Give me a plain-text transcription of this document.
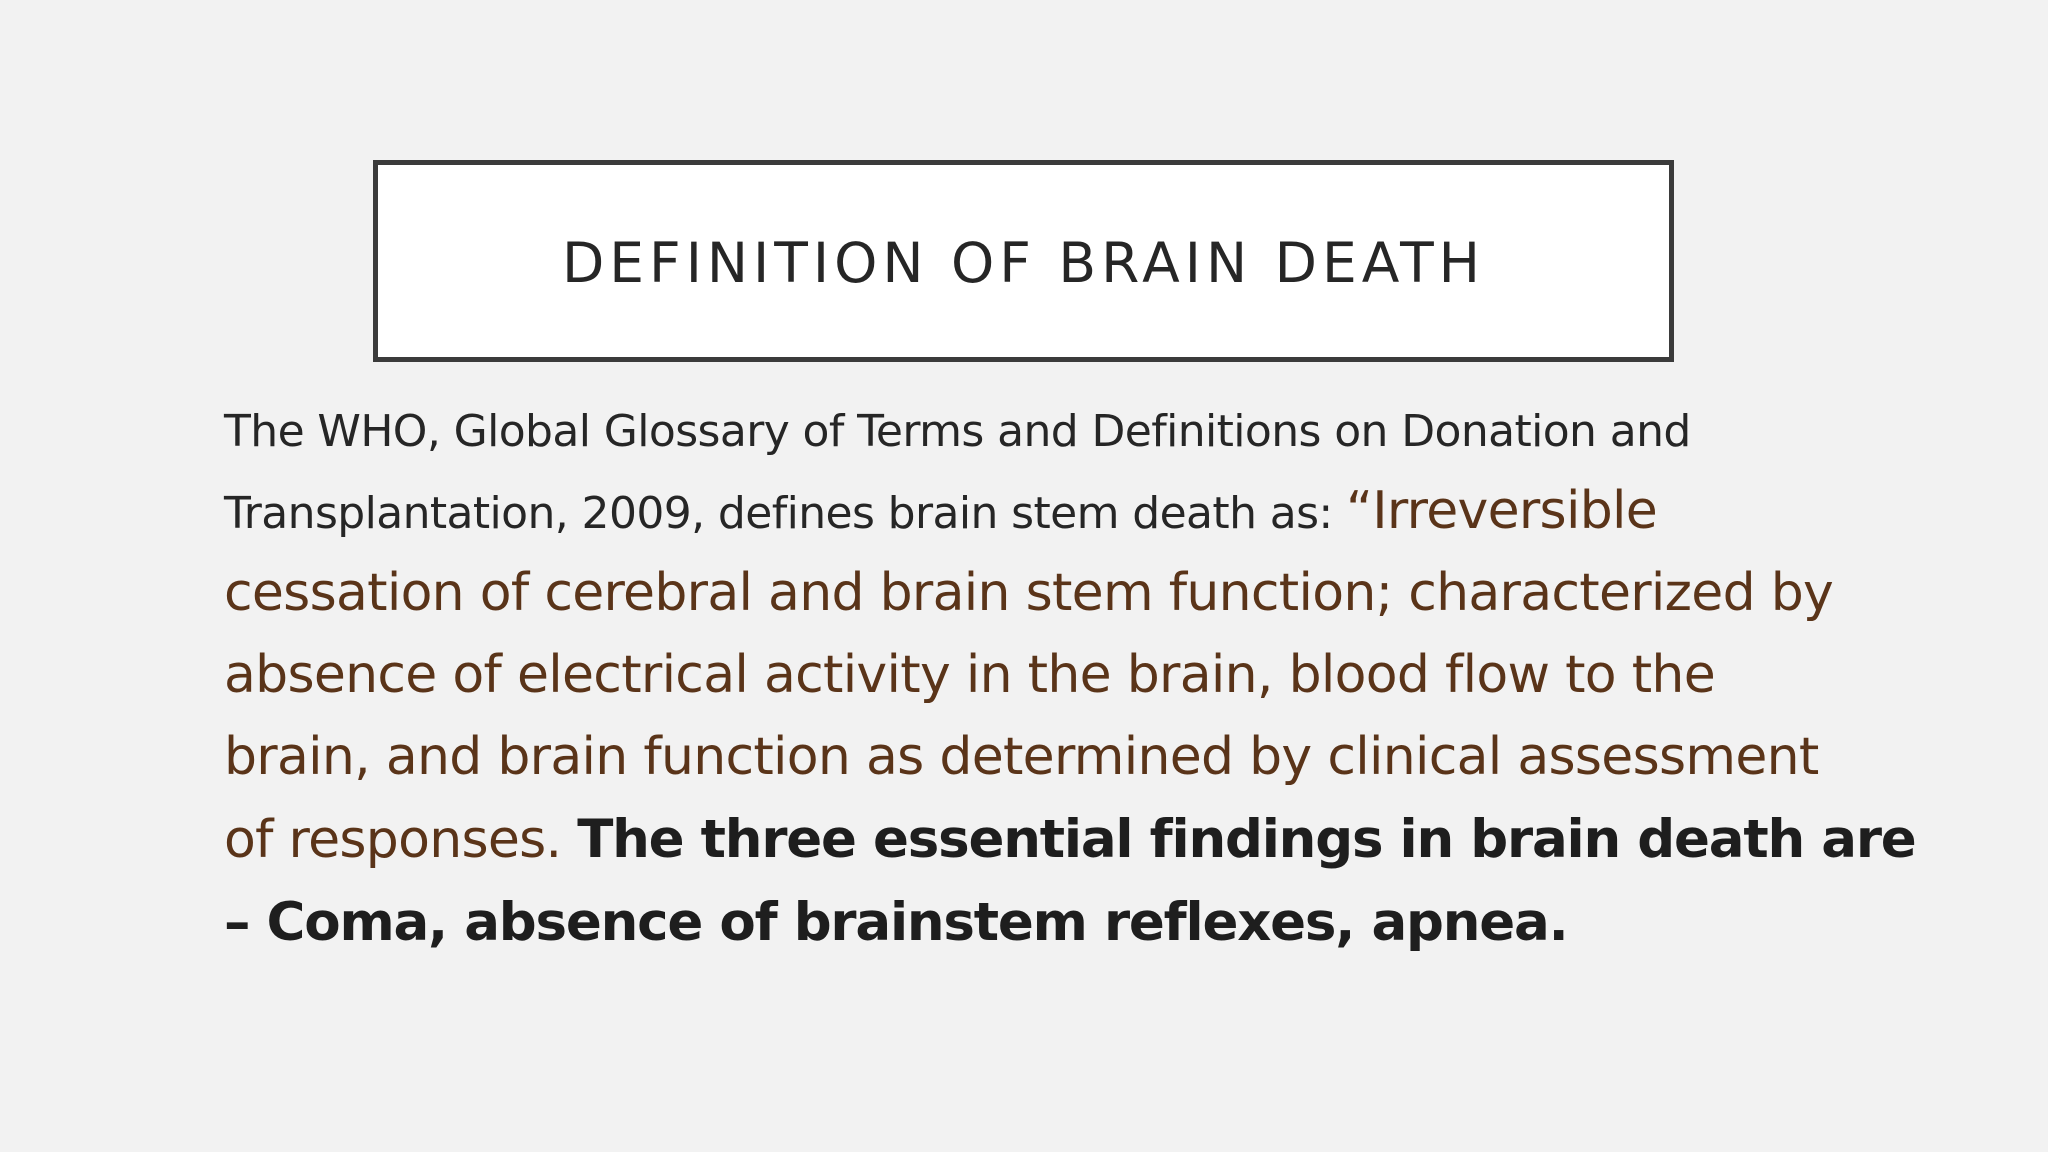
DEFINITION OF BRAIN DEATH
The WHO, Global Glossary of Terms and Definitions on Donation and
Transplantation, 2009, defines brain stem death as: “Irreversible
cessation of cerebral and brain stem function; characterized by
absence of electrical activity in the brain, blood flow to the
brain, and brain function as determined by clinical assessment
of responses. The three essential findings in brain death are
– Coma, absence of brainstem reflexes, apnea.
